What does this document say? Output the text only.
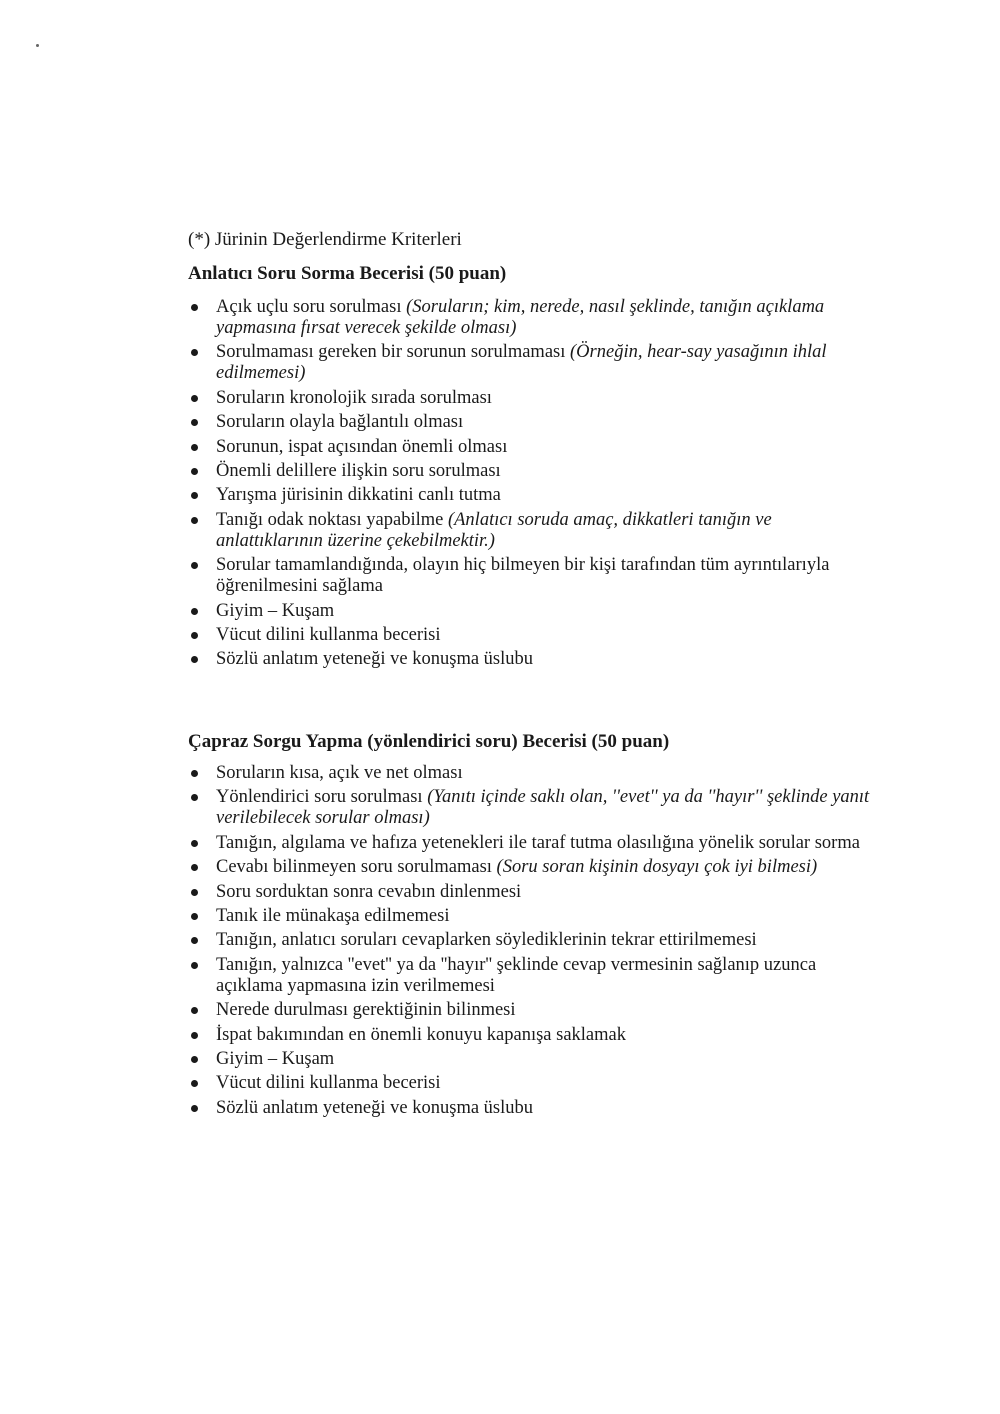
(*) Jürinin Değerlendirme Kriterleri
Anlatıcı Soru Sorma Becerisi (50 puan)
Açık uçlu soru sorulması (Soruların; kim, nerede, nasıl şeklinde, tanığın açıklama yapmasına fırsat verecek şekilde olması)
Sorulmaması gereken bir sorunun sorulmaması (Örneğin, hear-say yasağının ihlal edilmemesi)
Soruların kronolojik sırada sorulması
Soruların olayla bağlantılı olması
Sorunun, ispat açısından önemli olması
Önemli delillere ilişkin soru sorulması
Yarışma jürisinin dikkatini canlı tutma
Tanığı odak noktası yapabilme (Anlatıcı soruda amaç, dikkatleri tanığın ve anlattıklarının üzerine çekebilmektir.)
Sorular tamamlandığında, olayın hiç bilmeyen bir kişi tarafından tüm ayrıntılarıyla öğrenilmesini sağlama
Giyim – Kuşam
Vücut dilini kullanma becerisi
Sözlü anlatım yeteneği ve konuşma üslubu
Çapraz Sorgu Yapma (yönlendirici soru) Becerisi (50 puan)
Soruların kısa, açık ve net olması
Yönlendirici soru sorulması (Yanıtı içinde saklı olan, ''evet'' ya da ''hayır'' şeklinde yanıt verilebilecek sorular olması)
Tanığın, algılama ve hafıza yetenekleri ile taraf tutma olasılığına yönelik sorular sorma
Cevabı bilinmeyen soru sorulmaması (Soru soran kişinin dosyayı çok iyi bilmesi)
Soru sorduktan sonra cevabın dinlenmesi
Tanık ile münakaşa edilmemesi
Tanığın, anlatıcı soruları cevaplarken söylediklerinin tekrar ettirilmemesi
Tanığın, yalnızca ''evet'' ya da ''hayır'' şeklinde cevap vermesinin sağlanıp uzunca açıklama yapmasına izin verilmemesi
Nerede durulması gerektiğinin bilinmesi
İspat bakımından en önemli konuyu kapanışa saklamak
Giyim – Kuşam
Vücut dilini kullanma becerisi
Sözlü anlatım yeteneği ve konuşma üslubu
